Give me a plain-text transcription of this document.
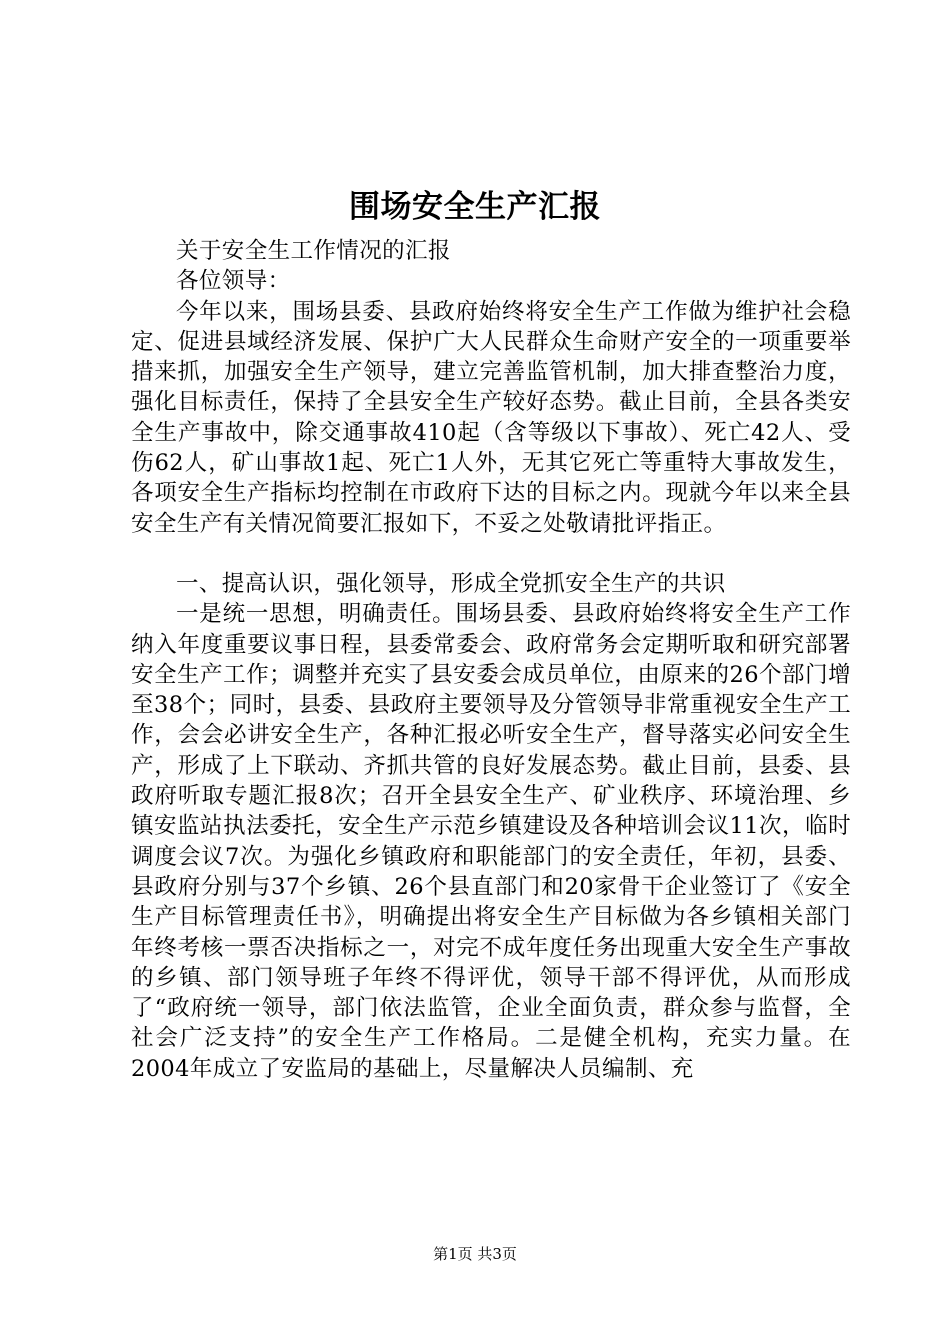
围场安全生产汇报

关于安全生工作情况的汇报

各位领导：

今年以来，围场县委、县政府始终将安全生产工作做为维护社会稳定、促进县域经济发展、保护广大人民群众生命财产安全的一项重要举措来抓，加强安全生产领导，建立完善监管机制，加大排查整治力度，强化目标责任，保持了全县安全生产较好态势。截止目前，全县各类安全生产事故中，除交通事故410起（含等级以下事故）、死亡42人、受伤62人，矿山事故1起、死亡1人外，无其它死亡等重特大事故发生，各项安全生产指标均控制在市政府下达的目标之内。现就今年以来全县安全生产有关情况简要汇报如下，不妥之处敬请批评指正。

一、提高认识，强化领导，形成全党抓安全生产的共识

一是统一思想，明确责任。围场县委、县政府始终将安全生产工作纳入年度重要议事日程，县委常委会、政府常务会定期听取和研究部署安全生产工作；调整并充实了县安委会成员单位，由原来的26个部门增至38个；同时，县委、县政府主要领导及分管领导非常重视安全生产工作，会会必讲安全生产，各种汇报必听安全生产，督导落实必问安全生产，形成了上下联动、齐抓共管的良好发展态势。截止目前，县委、县政府听取专题汇报8次；召开全县安全生产、矿业秩序、环境治理、乡镇安监站执法委托，安全生产示范乡镇建设及各种培训会议11次，临时调度会议7次。为强化乡镇政府和职能部门的安全责任，年初，县委、县政府分别与37个乡镇、26个县直部门和20家骨干企业签订了《安全生产目标管理责任书》，明确提出将安全生产目标做为各乡镇相关部门年终考核一票否决指标之一，对完不成年度任务出现重大安全生产事故的乡镇、部门领导班子年终不得评优，领导干部不得评优，从而形成了“政府统一领导，部门依法监管，企业全面负责，群众参与监督，全社会广泛支持”的安全生产工作格局。二是健全机构，充实力量。在2004年成立了安监局的基础上，尽量解决人员编制、充

第1页 共3页
